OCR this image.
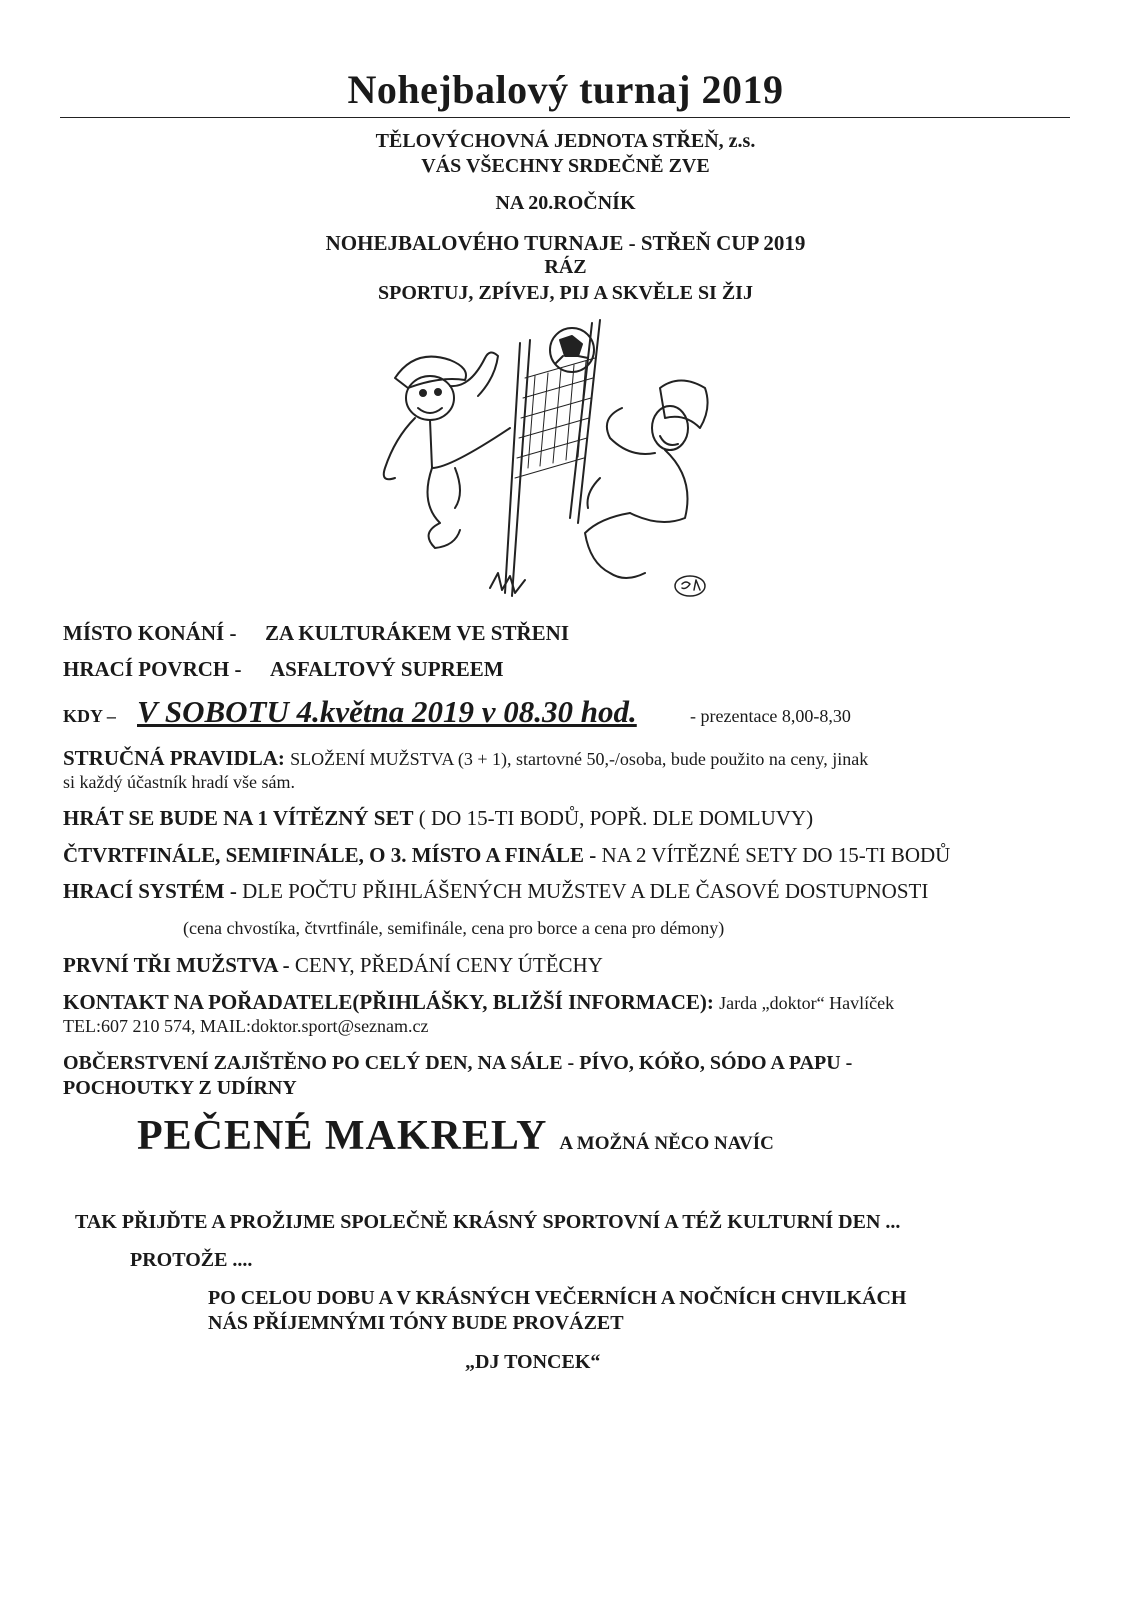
Nohejbalový turnaj 2019
TĚLOVÝCHOVNÁ JEDNOTA STŘEŇ, z.s.
VÁS VŠECHNY SRDEČNĚ ZVE
NA 20.ROČNÍK
NOHEJBALOVÉHO TURNAJE - STŘEŇ CUP 2019
RÁZ
SPORTUJ, ZPÍVEJ, PIJ A SKVĚLE SI ŽIJ
MÍSTO KONÁNÍ - ZA KULTURÁKEM VE STŘENI
HRACÍ POVRCH - ASFALTOVÝ SUPREEM
KDY – V SOBOTU 4.května 2019 v 08.30 hod.	- prezentace 8,00-8,30
STRUČNÁ PRAVIDLA: SLOŽENÍ MUŽSTVA (3 + 1), startovné 50,-/osoba, bude použito na ceny, jinak
si každý účastník hradí vše sám.
HRÁT SE BUDE NA 1 VÍTĚZNÝ SET ( DO 15-TI BODŮ, POPŘ. DLE DOMLUVY)
ČTVRTFINÁLE, SEMIFINÁLE, O 3. MÍSTO A FINÁLE - NA 2 VÍTĚZNÉ SETY DO 15-TI BODŮ
HRACÍ SYSTÉM - DLE POČTU PŘIHLÁŠENÝCH MUŽSTEV A DLE ČASOVÉ DOSTUPNOSTI
(cena chvostíka, čtvrtfinále, semifinále, cena pro borce a cena pro démony)
PRVNÍ TŘI MUŽSTVA - CENY, PŘEDÁNÍ CENY ÚTĚCHY
KONTAKT NA POŘADATELE(PŘIHLÁŠKY, BLIŽŠÍ INFORMACE): Jarda „doktor“ Havlíček
TEL:607 210 574, MAIL:doktor.sport@seznam.cz
OBČERSTVENÍ ZAJIŠTĚNO PO CELÝ DEN, NA SÁLE - PÍVO, KÓŘO, SÓDO A PAPU -
POCHOUTKY Z UDÍRNY
PEČENÉ MAKRELY A MOŽNÁ NĚCO NAVÍC
TAK PŘIJĎTE A PROŽIJME SPOLEČNĚ KRÁSNÝ SPORTOVNÍ A TÉŽ KULTURNÍ DEN ...
PROTOŽE ....
PO CELOU DOBU A V KRÁSNÝCH VEČERNÍCH A NOČNÍCH CHVILKÁCH
NÁS PŘÍJEMNÝMI TÓNY BUDE PROVÁZET
„DJ TONCEK“
